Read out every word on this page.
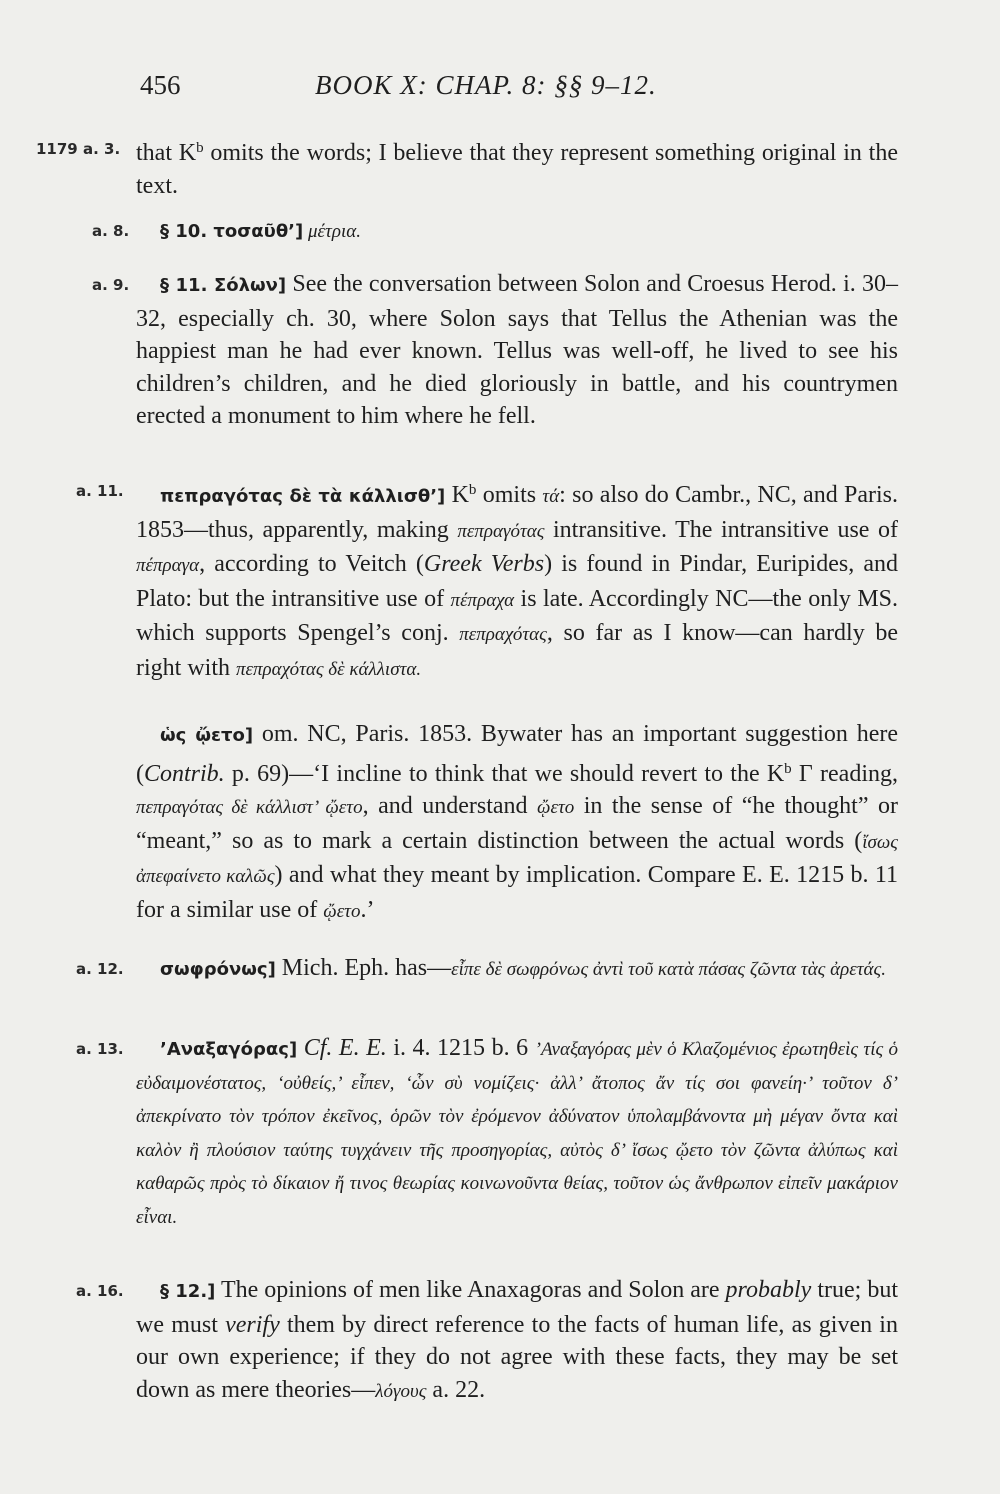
456	BOOK X: CHAP. 8: §§ 9–12.
1179 a. 3. that $K^b$ omits the words; I believe that they represent something original in the text.
a. 8. § 10. τοσαῦθ’] μέτρια.
a. 9.	§ 11. Σόλων] See the conversation between Solon and Croesus Herod. i. 30–32, especially ch. 30, where Solon says that Tellus the Athenian was the happiest man he had ever known. Tellus was well-off, he lived to see his children’s children, and he died gloriously in battle, and his countrymen erected a monument to him where he fell.
a. 11.	πεπραγότας δὲ τὰ κάλλισθ’] $K^b$ omits τά: so also do Cambr., NC, and Paris. 1853—thus, apparently, making πεπραγότας intransitive. The intransitive use of πέπραγα, according to Veitch (Greek Verbs) is found in Pindar, Euripides, and Plato: but the intransitive use of πέπραχα is late. Accordingly NC—the only MS. which supports Spengel’s conj. πεπραχότας, so far as I know—can hardly be right with πεπραχότας δὲ κάλλιστα.
ὡς ᾤετο] om. NC, Paris. 1853. Bywater has an important suggestion here (Contrib. p. 69)—‘I incline to think that we should revert to the $K^b$ Γ reading, πεπραγότας δὲ κάλλιστ’ ᾤετο, and understand ᾤετο in the sense of “he thought” or “meant,” so as to mark a certain distinction between the actual words (ἴσως ἀπεφαίνετο καλῶς) and what they meant by implication. Compare E. E. 1215 b. 11 for a similar use of ᾤετο.’
a. 12.	σωφρόνως] Mich. Eph. has—εἶπε δὲ σωφρόνως ἀντὶ τοῦ κατὰ πάσας ζῶντα τὰς ἀρετάς.
a. 13.	’Αναξαγόρας] Cf. E. E. i. 4. 1215 b. 6 ’Αναξαγόρας μὲν ὁ Κλαζομένιος ἐρωτηθεὶς τίς ὁ εὐδαιμονέστατος, ‘οὐθείς,’ εἶπεν, ‘ὧν σὺ νομίζεις· ἀλλ’ ἄτοπος ἄν τίς σοι φανείη·’ τοῦτον δ’ ἀπεκρίνατο τὸν τρόπον ἐκεῖνος, ὁρῶν τὸν ἐρόμενον ἀδύνατον ὑπολαμβάνοντα μὴ μέγαν ὄντα καὶ καλὸν ἢ πλούσιον ταύτης τυγχάνειν τῆς προσηγορίας, αὐτὸς δ’ ἴσως ᾤετο τὸν ζῶντα ἀλύπως καὶ καθαρῶς πρὸς τὸ δίκαιον ἤ τινος θεωρίας κοινωνοῦντα θείας, τοῦτον ὡς ἄνθρωπον εἰπεῖν μακάριον εἶναι.
a. 16.	§ 12.] The opinions of men like Anaxagoras and Solon are probably true; but we must verify them by direct reference to the facts of human life, as given in our own experience; if they do not agree with these facts, they may be set down as mere theories—λόγους a. 22.
